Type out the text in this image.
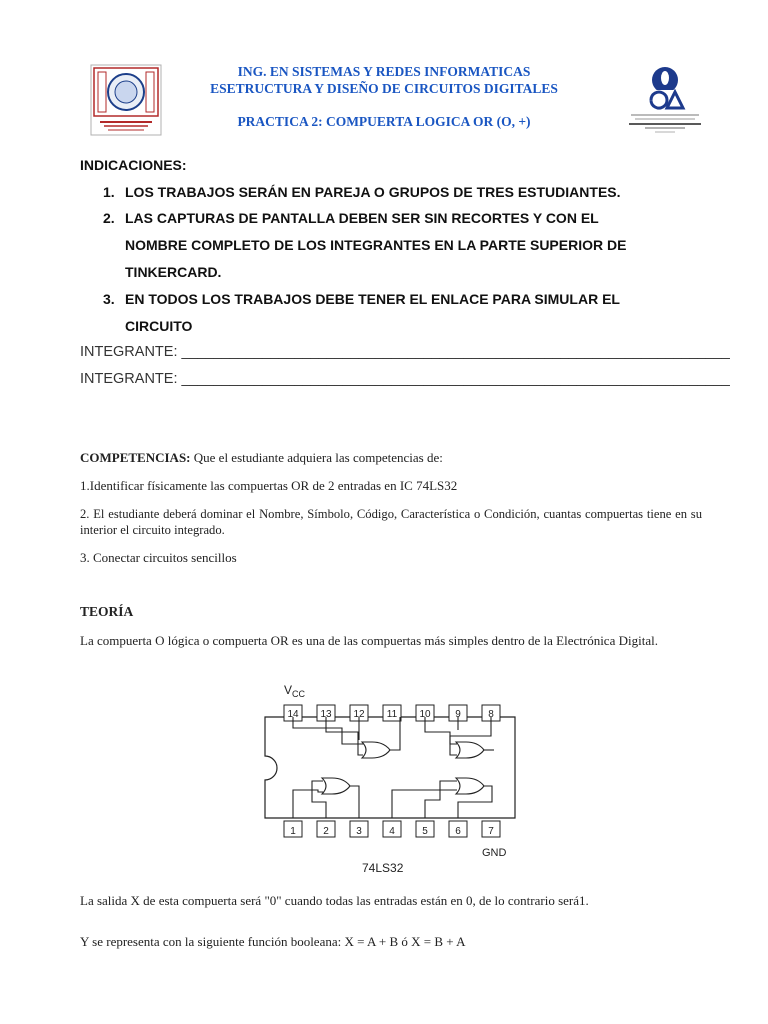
ING. EN SISTEMAS Y REDES INFORMATICAS
ESETRUCTURA Y DISEÑO DE CIRCUITOS DIGITALES
PRACTICA 2: COMPUERTA LOGICA OR (O, +)
INDICACIONES:
1. LOS TRABAJOS SERÁN EN PAREJA O GRUPOS DE TRES ESTUDIANTES.
2. LAS CAPTURAS DE PANTALLA DEBEN SER SIN RECORTES Y CON EL
NOMBRE COMPLETO DE LOS INTEGRANTES EN LA PARTE SUPERIOR DE
TINKERCARD.
3. EN TODOS LOS TRABAJOS DEBE TENER EL ENLACE PARA SIMULAR EL
CIRCUITO
INTEGRANTE: ____________________________________________________________________
INTEGRANTE: ____________________________________________________________________
COMPETENCIAS: Que el estudiante adquiera las competencias de:
1.Identificar físicamente las compuertas OR de 2 entradas en IC 74LS32
2. El estudiante deberá dominar el Nombre, Símbolo, Código, Característica o Condición, cuantas compuertas tiene en su interior el circuito integrado.
3. Conectar circuitos sencillos
TEORÍA
La compuerta O lógica o compuerta OR es una de las compuertas más simples dentro de la Electrónica Digital.
$V_{CC}$
14 13 12 11 10 9	8
1	2	3	4	5	6	7
GND
74LS32
La salida X de esta compuerta será "0" cuando todas las entradas están en 0, de lo contrario será1.
Y se representa con la siguiente función booleana: X = A + B ó X = B + A
